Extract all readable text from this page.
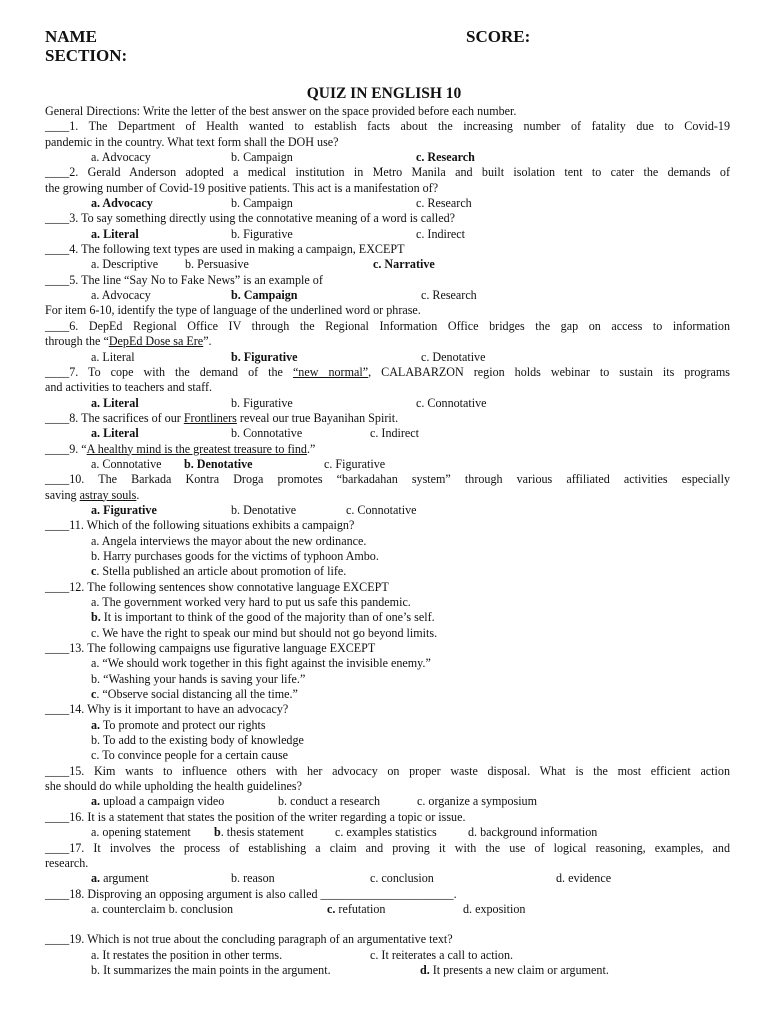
NAME
SECTION:
SCORE:
QUIZ IN ENGLISH 10

General Directions: Write the letter of the best answer on the space provided before each number.

____1. The Department of Health wanted to establish facts about the increasing number of fatality due to Covid-19

pandemic in the country. What text form shall the DOH use?

a. Advocacy	b. Campaign	c. Research

____2. Gerald Anderson adopted a medical institution in Metro Manila and built isolation tent to cater the demands of

the growing number of Covid-19 positive patients. This act is a manifestation of?

a. Advocacy	b. Campaign	c. Research

____3. To say something directly using the connotative meaning of a word is called?

a. Literal	b. Figurative	c. Indirect

____4. The following text types are used in making a campaign, EXCEPT

a. Descriptive b. Persuasive	c. Narrative

____5. The line “Say No to Fake News” is an example of

a. Advocacy	b. Campaign	c. Research

For item 6-10, identify the type of language of the underlined word or phrase.

____6. DepEd Regional Office IV through the Regional Information Office bridges the gap on access to information

through the “DepEd Dose sa Ere”.

a. Literal	b. Figurative	c. Denotative

____7. To cope with the demand of the “new normal”, CALABARZON region holds webinar to sustain its programs

and activities to teachers and staff.

a. Literal	b. Figurative	c. Connotative

____8. The sacrifices of our Frontliners reveal our true Bayanihan Spirit.

a. Literal	b. Connotative	c. Indirect

____9. “A healthy mind is the greatest treasure to find.”

a. Connotative b. Denotative	c. Figurative

____10. The Barkada Kontra Droga promotes “barkadahan system” through various affiliated activities especially

saving astray souls.

a. Figurative	b. Denotative	c. Connotative

____11. Which of the following situations exhibits a campaign?

a. Angela interviews the mayor about the new ordinance.

b. Harry purchases goods for the victims of typhoon Ambo.

c. Stella published an article about promotion of life.

____12. The following sentences show connotative language EXCEPT

a. The government worked very hard to put us safe this pandemic.

b. It is important to think of the good of the majority than of one’s self.

c. We have the right to speak our mind but should not go beyond limits.

____13. The following campaigns use figurative language EXCEPT

a. “We should work together in this fight against the invisible enemy.”

b. “Washing your hands is saving your life.”

c. “Observe social distancing all the time.”

____14. Why is it important to have an advocacy?

a. To promote and protect our rights

b. To add to the existing body of knowledge

c. To convince people for a certain cause

____15. Kim wants to influence others with her advocacy on proper waste disposal. What is the most efficient action

she should do while upholding the health guidelines?

a. upload a campaign video	b. conduct a research	c. organize a symposium

____16. It is a statement that states the position of the writer regarding a topic or issue.

a. opening statement b. thesis statement	c. examples statistics	d. background information

____17. It involves the process of establishing a claim and proving it with the use of logical reasoning, examples, and

research.

a. argument	b. reason	c. conclusion	d. evidence

____18. Disproving an opposing argument is also called ______________________.

a. counterclaim b. conclusion	c. refutation	d. exposition

____19. Which is not true about the concluding paragraph of an argumentative text?

a. It restates the position in other terms.	c. It reiterates a call to action.
b. It summarizes the main points in the argument.	d. It presents a new claim or argument.
